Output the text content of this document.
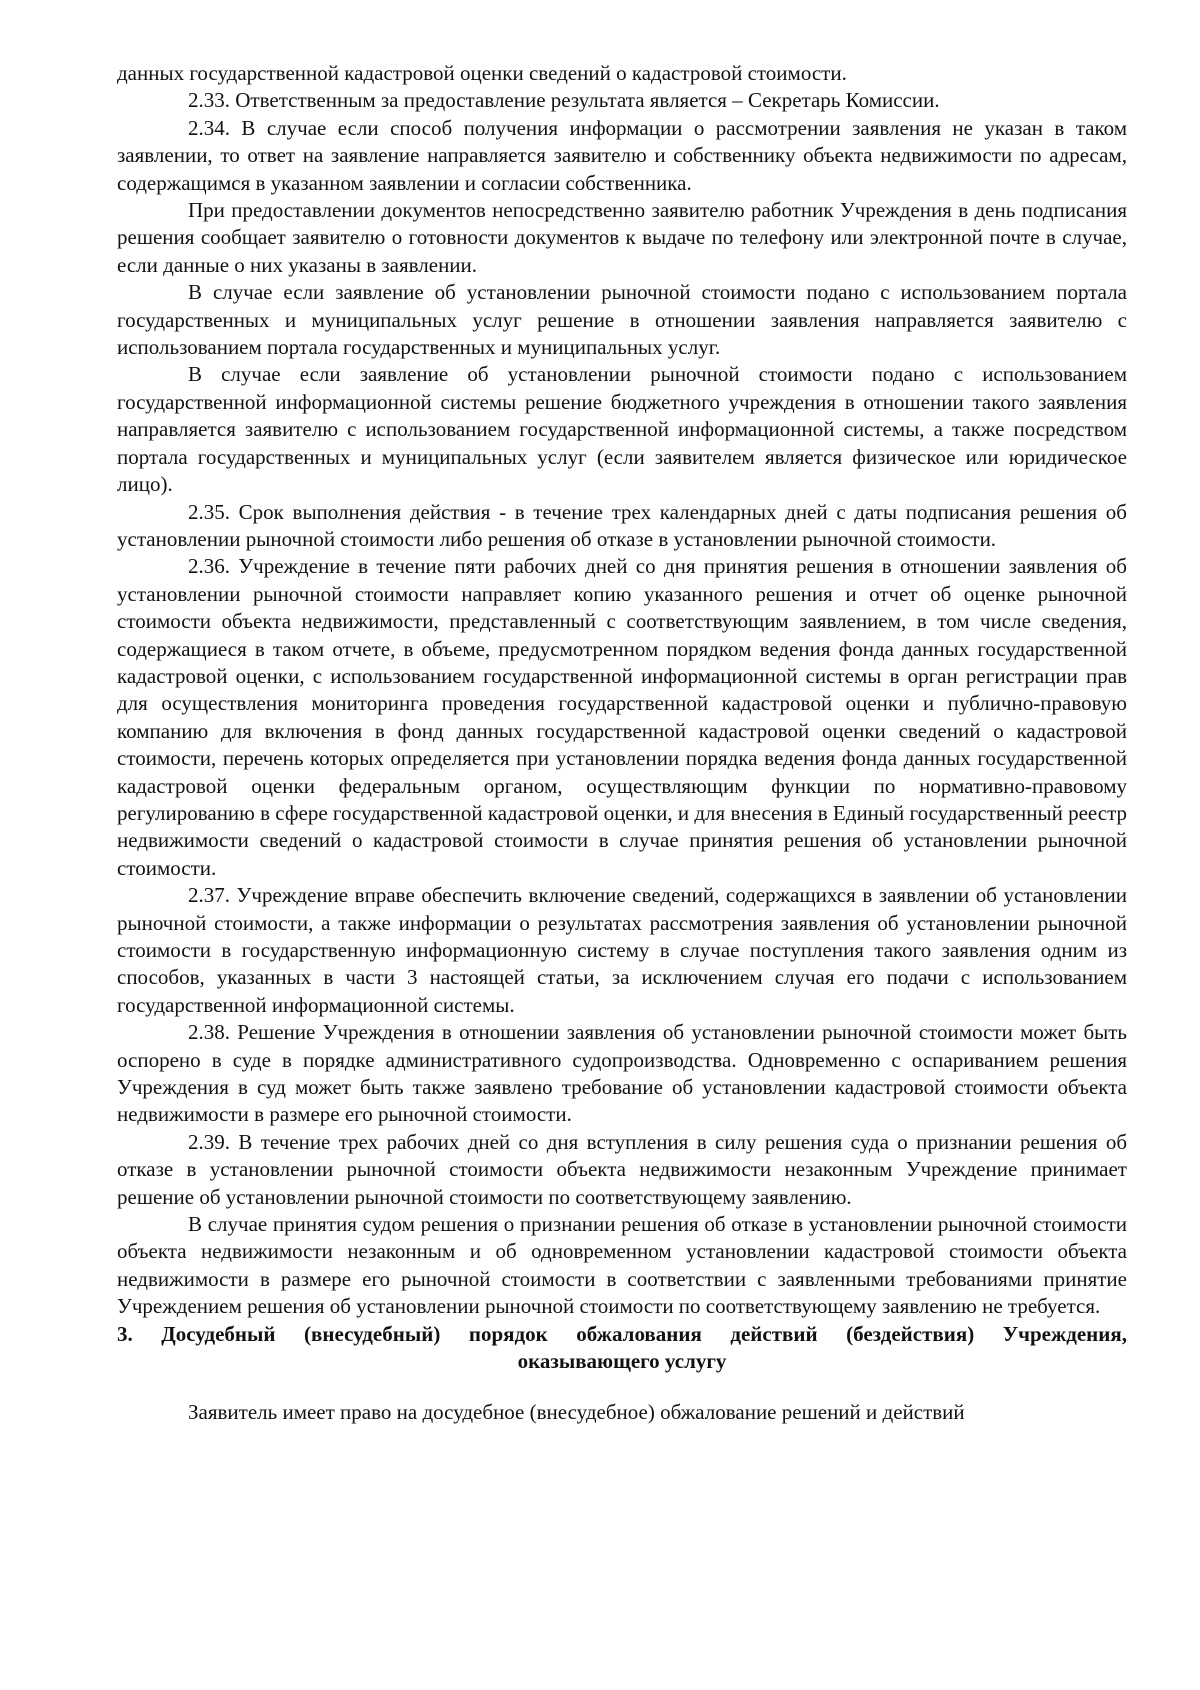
данных государственной кадастровой оценки сведений о кадастровой стоимости.

2.33. Ответственным за предоставление результата является – Секретарь Комиссии.

2.34. В случае если способ получения информации о рассмотрении заявления не указан в таком заявлении, то ответ на заявление направляется заявителю и собственнику объекта недвижимости по адресам, содержащимся в указанном заявлении и согласии собственника.

При предоставлении документов непосредственно заявителю работник Учреждения в день подписания решения сообщает заявителю о готовности документов к выдаче по телефону или электронной почте в случае, если данные о них указаны в заявлении.

В случае если заявление об установлении рыночной стоимости подано с использованием портала государственных и муниципальных услуг решение в отношении заявления направляется заявителю с использованием портала государственных и муниципальных услуг.

В случае если заявление об установлении рыночной стоимости подано с использованием государственной информационной системы решение бюджетного учреждения в отношении такого заявления направляется заявителю с использованием государственной информационной системы, а также посредством портала государственных и муниципальных услуг (если заявителем является физическое или юридическое лицо).

2.35. Срок выполнения действия - в течение трех календарных дней с даты подписания решения об установлении рыночной стоимости либо решения об отказе в установлении рыночной стоимости.

2.36. Учреждение в течение пяти рабочих дней со дня принятия решения в отношении заявления об установлении рыночной стоимости направляет копию указанного решения и отчет об оценке рыночной стоимости объекта недвижимости, представленный с соответствующим заявлением, в том числе сведения, содержащиеся в таком отчете, в объеме, предусмотренном порядком ведения фонда данных государственной кадастровой оценки, с использованием государственной информационной системы в орган регистрации прав для осуществления мониторинга проведения государственной кадастровой оценки и публично-правовую компанию для включения в фонд данных государственной кадастровой оценки сведений о кадастровой стоимости, перечень которых определяется при установлении порядка ведения фонда данных государственной кадастровой оценки федеральным органом, осуществляющим функции по нормативно-правовому регулированию в сфере государственной кадастровой оценки, и для внесения в Единый государственный реестр недвижимости сведений о кадастровой стоимости в случае принятия решения об установлении рыночной стоимости.

2.37. Учреждение вправе обеспечить включение сведений, содержащихся в заявлении об установлении рыночной стоимости, а также информации о результатах рассмотрения заявления об установлении рыночной стоимости в государственную информационную систему в случае поступления такого заявления одним из способов, указанных в части 3 настоящей статьи, за исключением случая его подачи с использованием государственной информационной системы.

2.38. Решение Учреждения в отношении заявления об установлении рыночной стоимости может быть оспорено в суде в порядке административного судопроизводства. Одновременно с оспариванием решения Учреждения в суд может быть также заявлено требование об установлении кадастровой стоимости объекта недвижимости в размере его рыночной стоимости.

2.39. В течение трех рабочих дней со дня вступления в силу решения суда о признании решения об отказе в установлении рыночной стоимости объекта недвижимости незаконным Учреждение принимает решение об установлении рыночной стоимости по соответствующему заявлению.

В случае принятия судом решения о признании решения об отказе в установлении рыночной стоимости объекта недвижимости незаконным и об одновременном установлении кадастровой стоимости объекта недвижимости в размере его рыночной стоимости в соответствии с заявленными требованиями принятие Учреждением решения об установлении рыночной стоимости по соответствующему заявлению не требуется.

3. Досудебный (внесудебный) порядок обжалования действий (бездействия) Учреждения,
оказывающего услугу

Заявитель имеет право на досудебное (внесудебное) обжалование решений и действий
